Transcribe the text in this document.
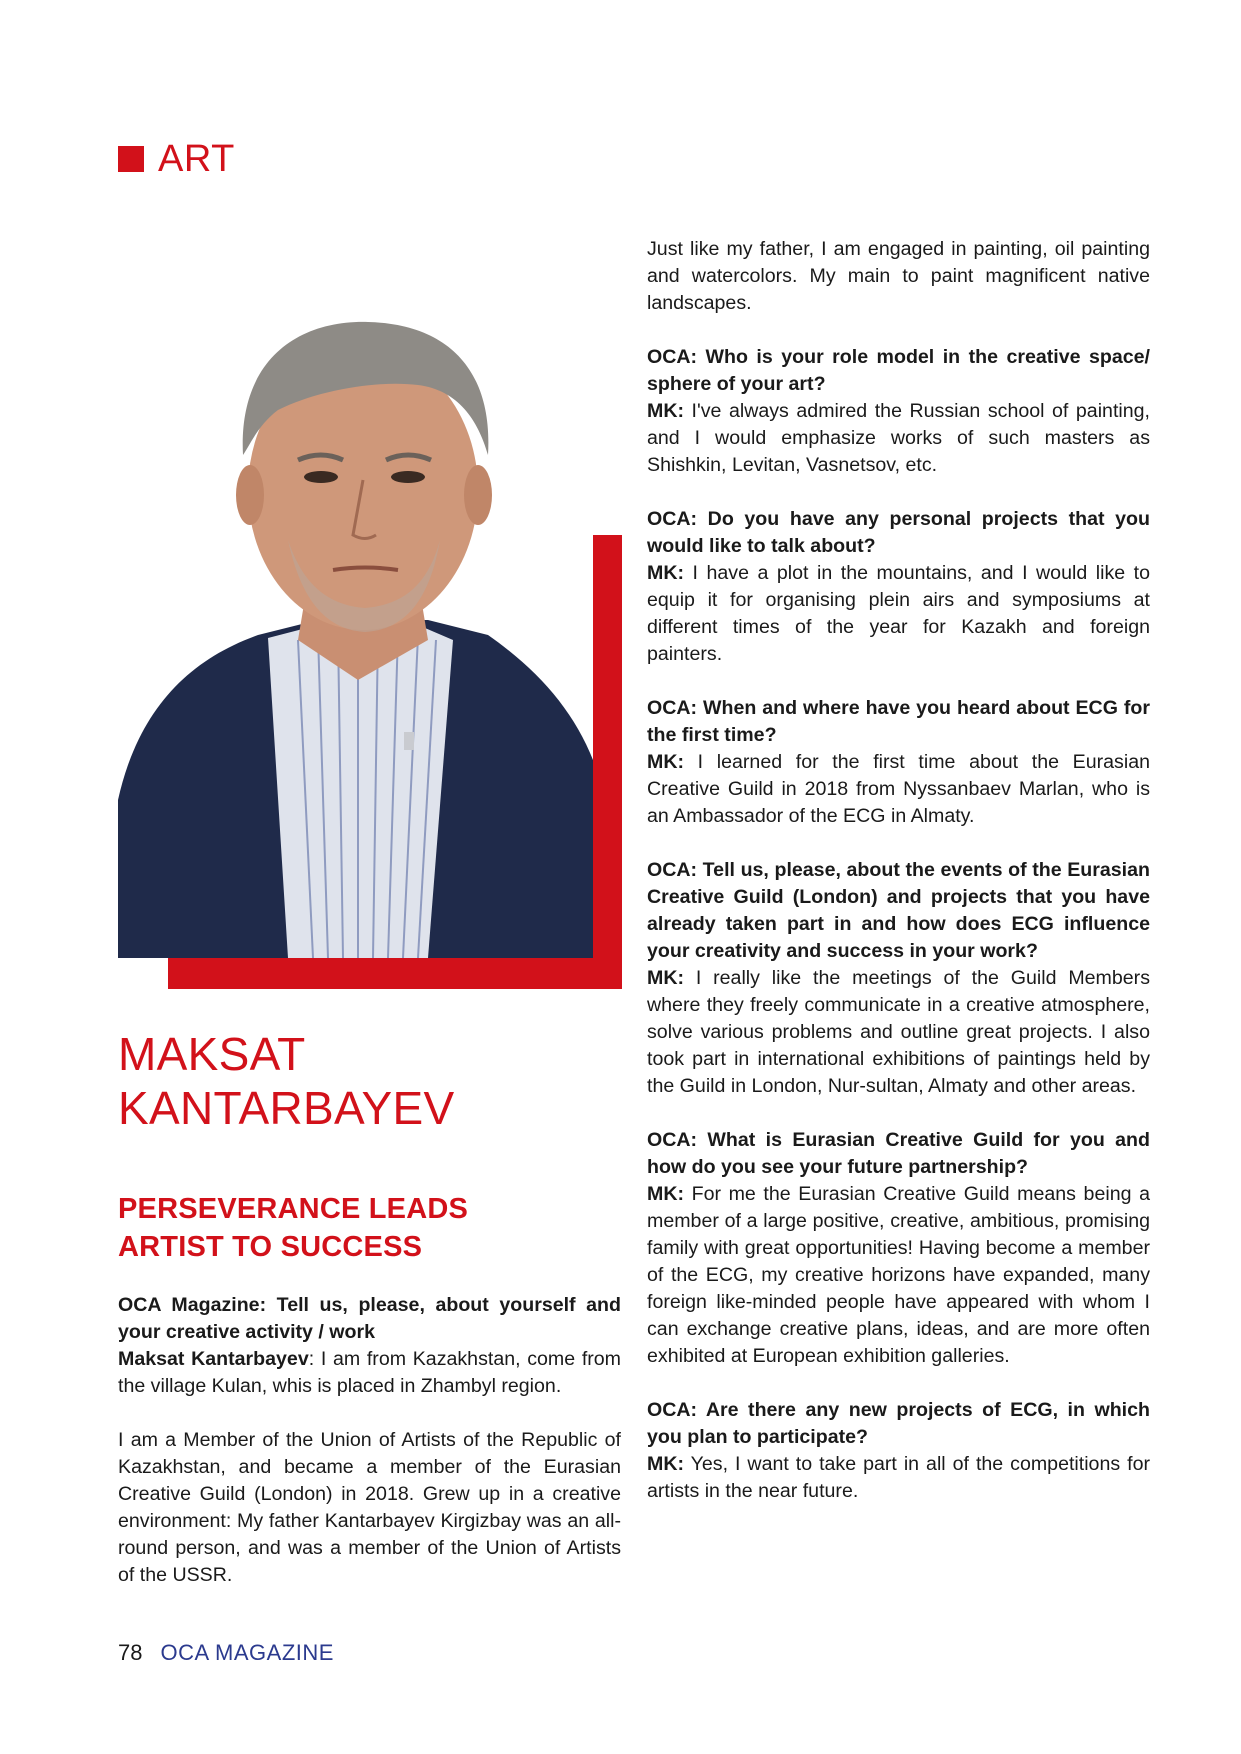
ART
MAKSAT
KANTARBAYEV
PERSEVERANCE LEADS
ARTIST TO SUCCESS

OCA Magazine: Tell us, please, about yourself and your creative activity / work
Maksat Kantarbayev: I am from Kazakhstan, come from the village Kulan, whis is placed in Zhambyl region.

I am a Member of the Union of Artists of the Republic of Kazakhstan, and became a member of the Eurasian Creative Guild (London) in 2018. Grew up in a creative environment: My father Kantarbayev Kirgizbay was an all-round person, and was a member of the Union of Artists of the USSR.

Just like my father, I am engaged in painting, oil painting and watercolors. My main to paint magnificent native landscapes.

OCA: Who is your role model in the creative space/ sphere of your art?
MK: I've always admired the Russian school of painting, and I would emphasize works of such masters as Shishkin, Levitan, Vasnetsov, etc.

OCA: Do you have any personal projects that you would like to talk about?
MK: I have a plot in the mountains, and I would like to equip it for organising plein airs and symposiums at different times of the year for Kazakh and foreign painters.

OCA: When and where have you heard about ECG for the first time?
MK: I learned for the first time about the Eurasian Creative Guild in 2018 from Nyssanbaev Marlan, who is an Ambassador of the ECG in Almaty.

OCA: Tell us, please, about the events of the Eurasian Creative Guild (London) and projects that you have already taken part in and how does ECG influence your creativity and success in your work?
MK: I really like the meetings of the Guild Members where they freely communicate in a creative atmosphere, solve various problems and outline great projects. I also took part in international exhibitions of paintings held by the Guild in London, Nur-sultan, Almaty and other areas.

OCA: What is Eurasian Creative Guild for you and how do you see your future partnership?
MK: For me the Eurasian Creative Guild means being a member of a large positive, creative, ambitious, promising family with great opportunities! Having become a member of the ECG, my creative horizons have expanded, many foreign like-minded people have appeared with whom I can exchange creative plans, ideas, and are more often exhibited at European exhibition galleries.

OCA: Are there any new projects of ECG, in which you plan to participate?
MK: Yes, I want to take part in all of the competitions for artists in the near future.

78 OCA MAGAZINE
